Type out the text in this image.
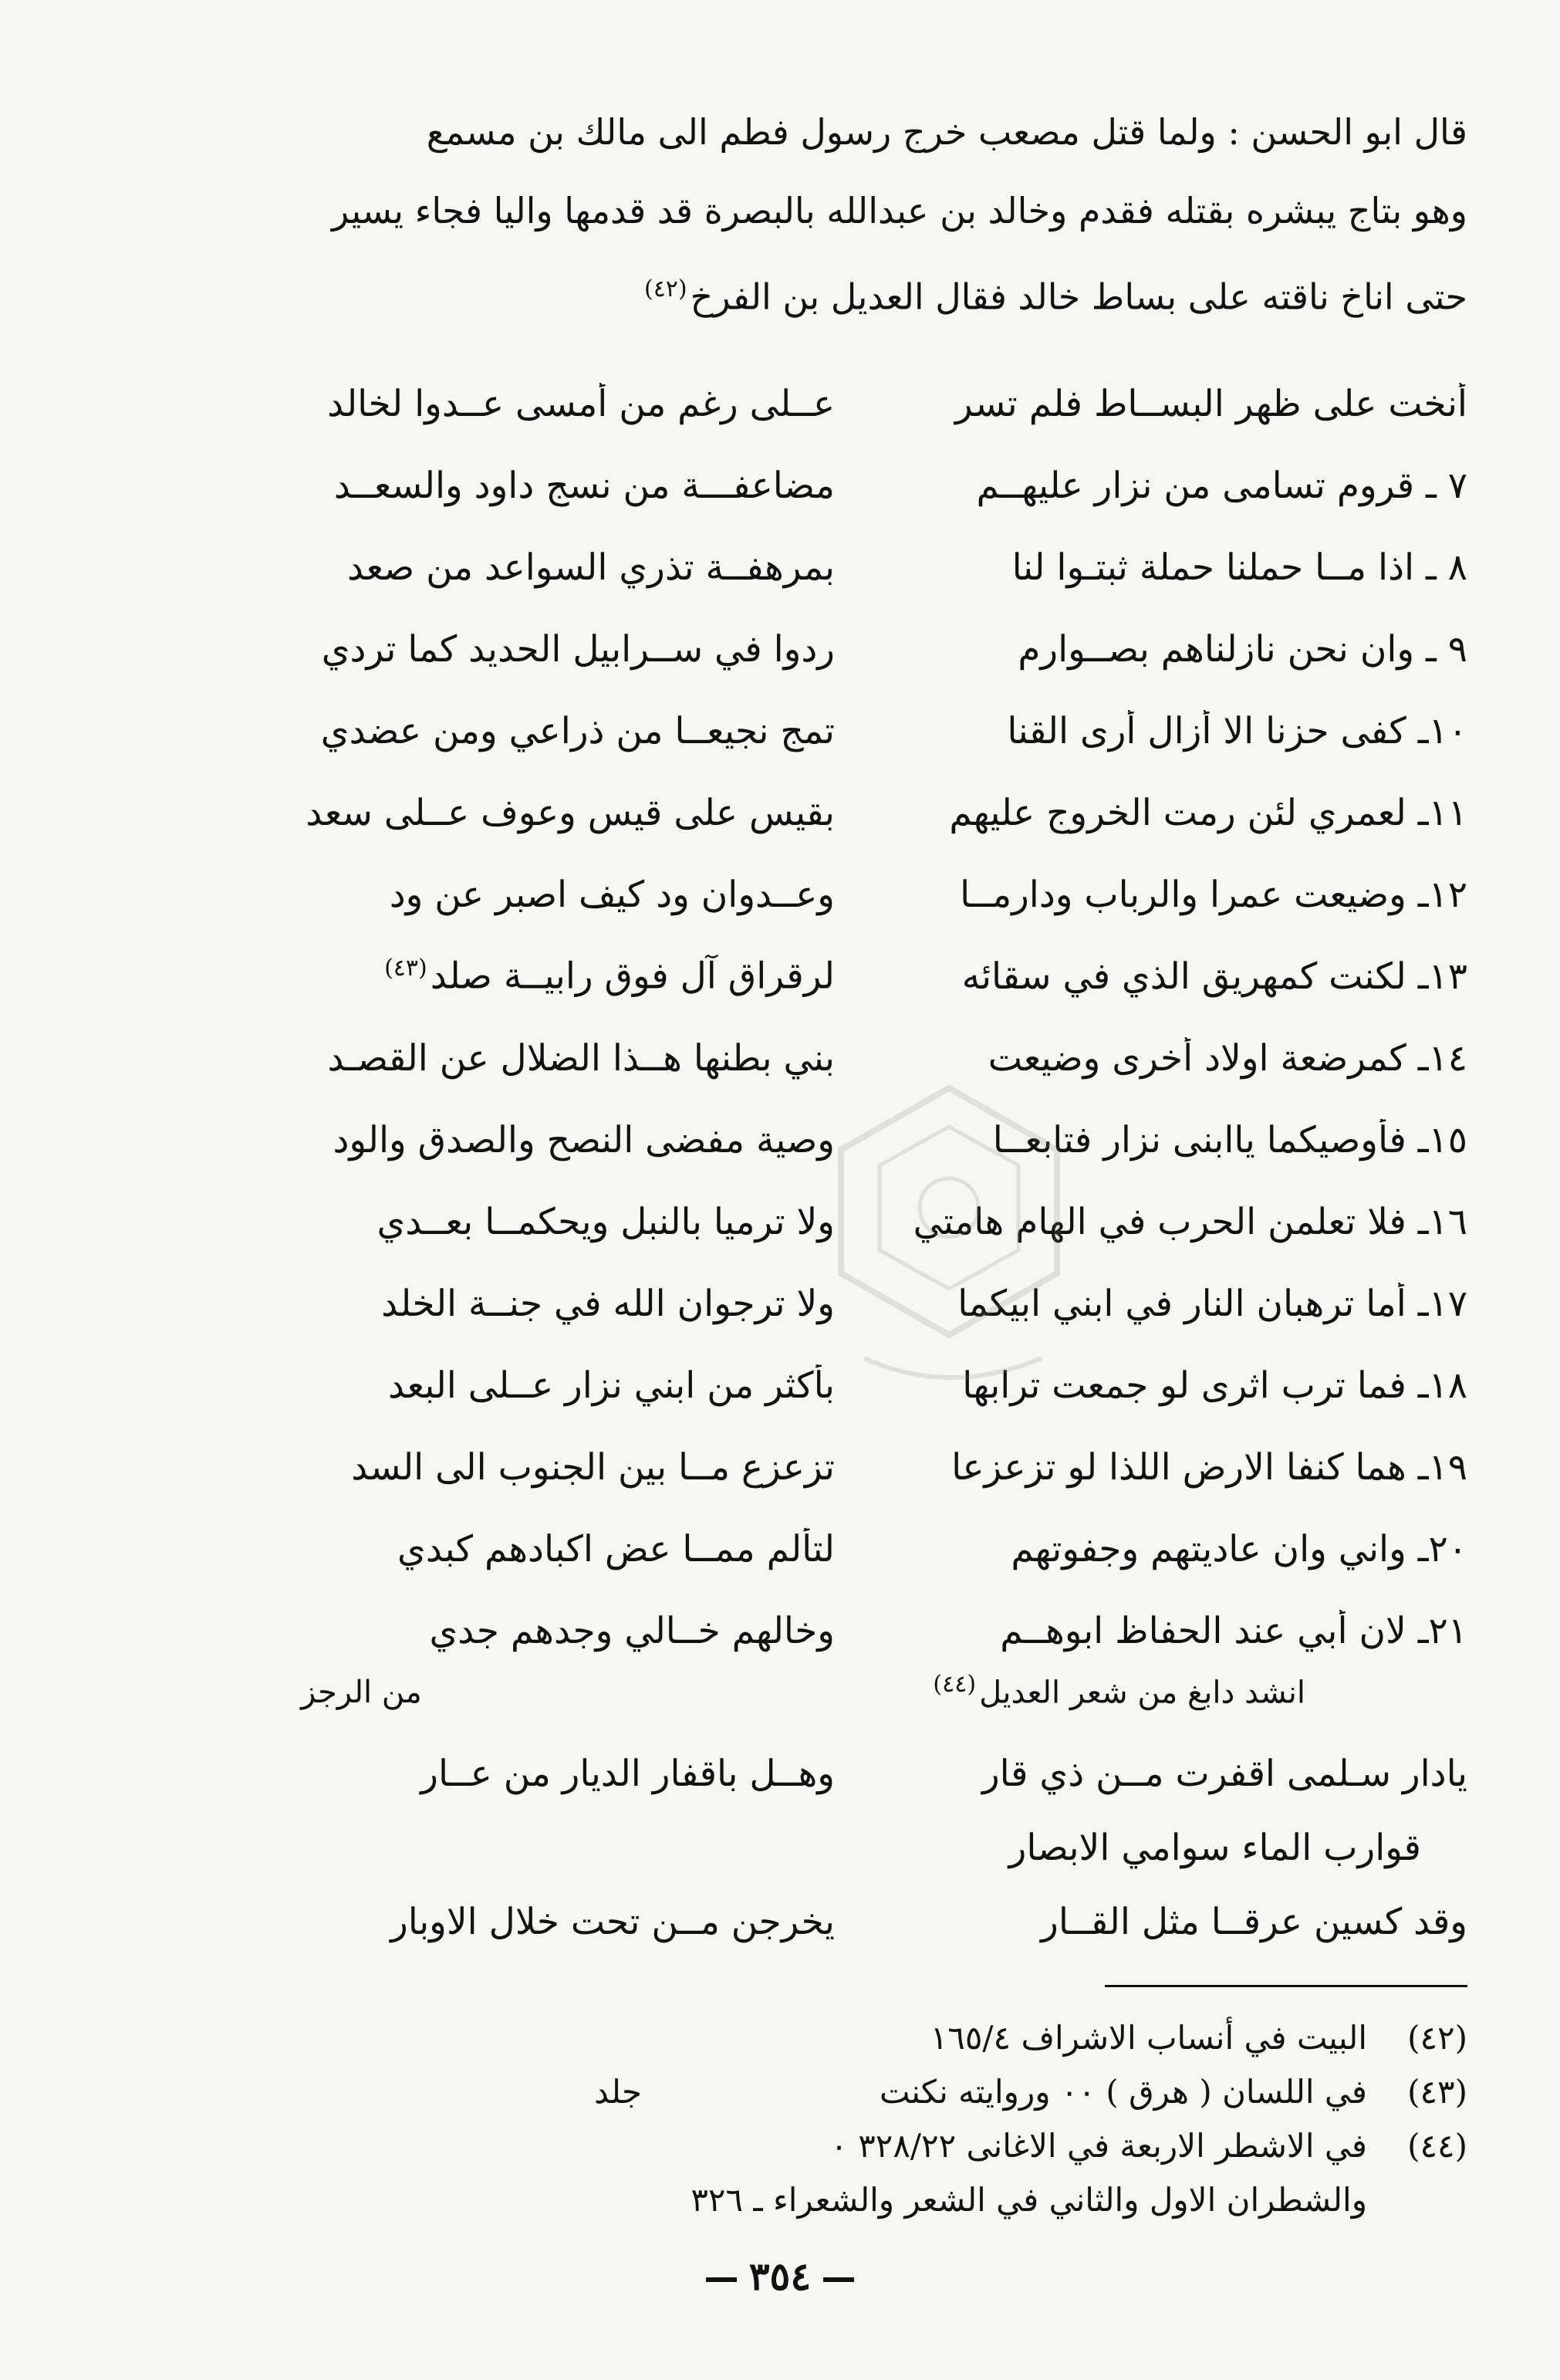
قال ابو الحسن : ولما قتل مصعب خرج رسول فطم الى مالك بن مسمع
وهو بتاج يبشره بقتله فقدم وخالد بن عبدالله بالبصرة قد قدمها واليا فجاء يسير
حتى اناخ ناقته على بساط خالد فقال العديل بن الفرخ$^{(٤٢)}$
أنخت على ظهر البســاط فلم تسر
عــلى رغم من أمسى عــدوا لخالد
٧ ـ قروم تسامى من نزار عليهــم
مضاعفـــة من نسج داود والسعــد
٨ ـ اذا مــا حملنا حملة ثبتـوا لنا
بمرهفــة تذري السواعد من صعد
٩ ـ وان نحن نازلناهم بصــوارم
ردوا في ســرابيل الحديد كما تردي
١٠ـ كفى حزنا الا أزال أرى القنا
تمج نجيعــا من ذراعي ومن عضدي
١١ـ لعمري لئن رمت الخروج عليهم
بقيس على قيس وعوف عــلى سعد
١٢ـ وضيعت عمرا والرباب ودارمــا
وعــدوان ود كيف اصبر عن ود
١٣ـ لكنت كمهريق الذي في سقائه
لرقراق آل فوق رابيــة صلد$^{(٤٣)}$
١٤ـ كمرضعة اولاد أخرى وضيعت
بني بطنها هــذا الضلال عن القصـد
١٥ـ فأوصيكما ياابنى نزار فتابعــا
وصية مفضى النصح والصدق والود
١٦ـ فلا تعلمن الحرب في الهام هامتي
ولا ترميا بالنبل ويحكمــا بعــدي
١٧ـ أما ترهبان النار في ابني ابيكما
ولا ترجوان الله في جنــة الخلد
١٨ـ فما ترب اثرى لو جمعت ترابها
بأكثر من ابني نزار عــلى البعد
١٩ـ هما كنفا الارض اللذا لو تزعزعا
تزعزع مــا بين الجنوب الى السد
٢٠ـ واني وان عاديتهم وجفوتهم
لتألم ممــا عض اكبادهم كبدي
٢١ـ لان أبي عند الحفاظ ابوهــم
وخالهم خــالي وجدهم جدي
انشد دابغ من شعر العديل$^{(٤٤)}$
من الرجز
يادار سـلمى اقفرت مــن ذي قار
وهــل باقفار الديار من عــار
قوارب الماء سوامي الابصار
وقد كسين عرقــا مثل القــار
يخرجن مــن تحت خلال الاوبار
(٤٢)
البيت في أنساب الاشراف ١٦٥/٤
(٤٣)
في اللسان ( هرق ) ٠٠ وروايته نكنت
جلد
(٤٤)
في الاشطر الاربعة في الاغانى ٣٢٨/٢٢ ٠
والشطران الاول والثاني في الشعر والشعراء ـ ٣٢٦
٣٥٤
